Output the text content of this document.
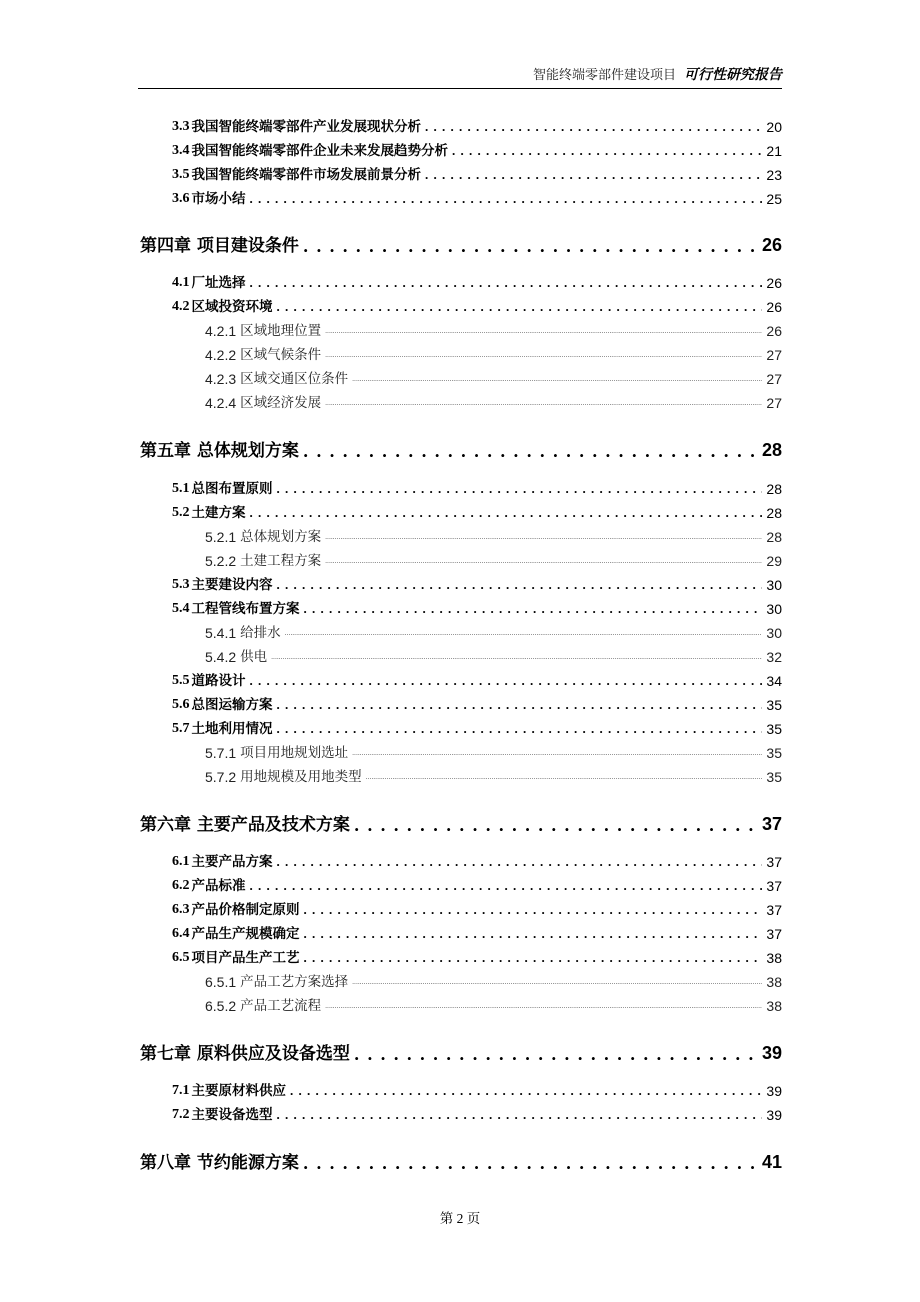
智能终端零部件建设项目 可行性研究报告
3.3 我国智能终端零部件产业发展现状分析 . . .	20
3.4 我国智能终端零部件企业未来发展趋势分析 . . .	21
3.5 我国智能终端零部件市场发展前景分析 . . .	23
3.6 市场小结 . . .	25
第四章 项目建设条件 . . .	26
4.1 厂址选择 . . .	26
4.2 区域投资环境 . . .	26
4.2.1 区域地理位置 .....	26
4.2.2 区域气候条件 .....	27
4.2.3 区域交通区位条件 .....	27
4.2.4 区域经济发展 .....	27
第五章 总体规划方案 . . .	28
5.1 总图布置原则 . . .	28
5.2 土建方案 . . .	28
5.2.1 总体规划方案 .....	28
5.2.2 土建工程方案 .....	29
5.3 主要建设内容 . . .	30
5.4 工程管线布置方案 . . .	30
5.4.1 给排水 .....	30
5.4.2 供电 .....	32
5.5 道路设计 . . .	34
5.6 总图运输方案 . . .	35
5.7 土地利用情况 . . .	35
5.7.1 项目用地规划选址 .....	35
5.7.2 用地规模及用地类型 .....	35
第六章 主要产品及技术方案 . . .	37
6.1 主要产品方案 . . .	37
6.2 产品标准 . . .	37
6.3 产品价格制定原则 . . .	37
6.4 产品生产规模确定 . . .	37
6.5 项目产品生产工艺 . . .	38
6.5.1 产品工艺方案选择 .....	38
6.5.2 产品工艺流程 .....	38
第七章 原料供应及设备选型 . . .	39
7.1 主要原材料供应 . . .	39
7.2 主要设备选型 . . .	39
第八章 节约能源方案 . . .	41
第 2 页
